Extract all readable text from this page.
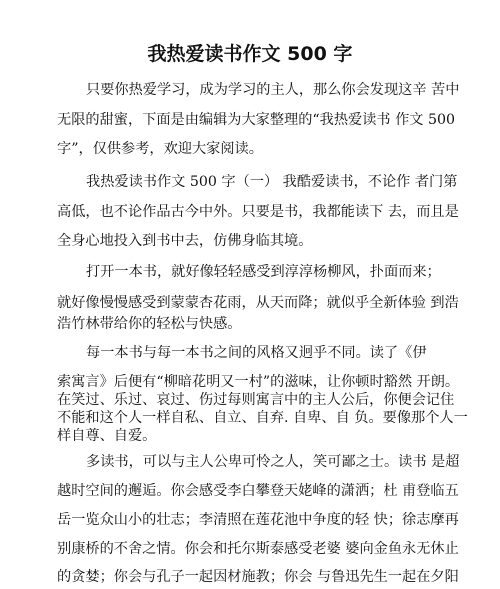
我热爱读书作文 500 字
只要你热爱学习，成为学习的主人，那么你会发现这辛 苦中
无限的甜蜜，下面是由编辑为大家整理的“我热爱读书 作文 500
字”，仅供参考，欢迎大家阅读。
我热爱读书作文 500 字（一） 我酷爱读书，不论作 者门第
高低，也不论作品古今中外。只要是书，我都能读下 去，而且是
全身心地投入到书中去，仿佛身临其境。
打开一本书，就好像轻轻感受到淳淳杨柳风，扑面而来；
就好像慢慢感受到蒙蒙杏花雨，从天而降；就似乎全新体验 到浩
浩竹林带给你的轻松与快感。
每一本书与每一本书之间的风格又迥乎不同。读了《伊
索寓言》后便有“柳暗花明又一村”的滋味，让你顿时豁然 开朗。
在笑过、乐过、哀过、伤过每则寓言中的主人公后，你便会记住
不能和这个人一样自私、自立、自弃. 自卑、自 负。要像那个人一
样自尊、自爱。
多读书，可以与主人公卑可怜之人，笑可鄙之士。读书 是超
越时空间的邂逅。你会感受李白攀登天姥峰的潇洒；杜 甫登临五
岳一览众山小的壮志；李清照在莲花池中争度的轻 快；徐志摩再
别康桥的不舍之情。你会和托尔斯泰感受老婆 婆向金鱼永无休止
的贪婪；你会与孔子一起因材施教；你会 与鲁迅先生一起在夕阳
